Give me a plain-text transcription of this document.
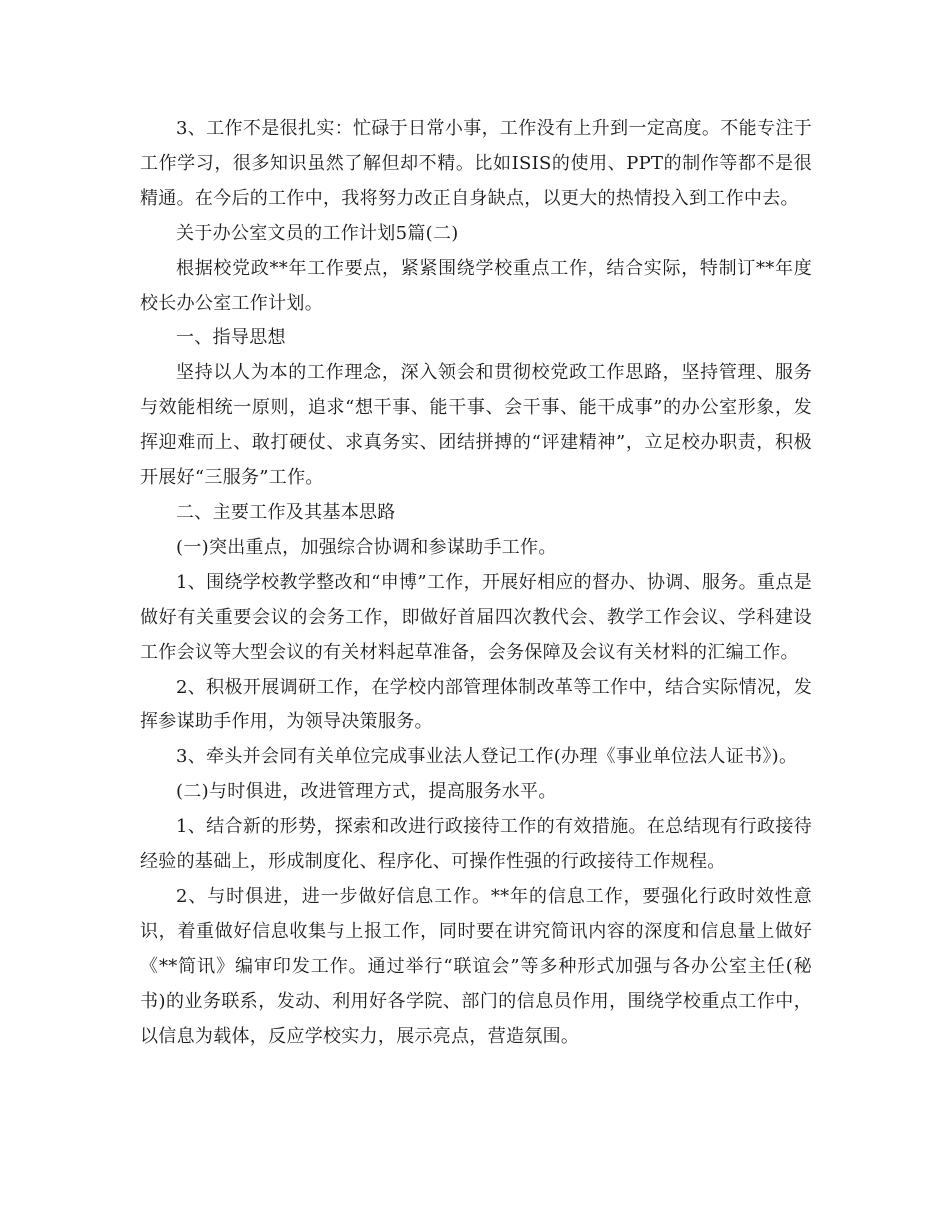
3、工作不是很扎实：忙碌于日常小事，工作没有上升到一定高度。不能专注于工作学习，很多知识虽然了解但却不精。比如ISIS的使用、PPT的制作等都不是很精通。在今后的工作中，我将努力改正自身缺点，以更大的热情投入到工作中去。

关于办公室文员的工作计划5篇(二)

根据校党政**年工作要点，紧紧围绕学校重点工作，结合实际，特制订**年度校长办公室工作计划。

一、指导思想

坚持以人为本的工作理念，深入领会和贯彻校党政工作思路，坚持管理、服务与效能相统一原则，追求“想干事、能干事、会干事、能干成事”的办公室形象，发挥迎难而上、敢打硬仗、求真务实、团结拼搏的“评建精神”，立足校办职责，积极开展好“三服务”工作。

二、主要工作及其基本思路

(一)突出重点，加强综合协调和参谋助手工作。

1、围绕学校教学整改和“申博”工作，开展好相应的督办、协调、服务。重点是做好有关重要会议的会务工作，即做好首届四次教代会、教学工作会议、学科建设工作会议等大型会议的有关材料起草准备，会务保障及会议有关材料的汇编工作。

2、积极开展调研工作，在学校内部管理体制改革等工作中，结合实际情况，发挥参谋助手作用，为领导决策服务。

3、牵头并会同有关单位完成事业法人登记工作(办理《事业单位法人证书》)。

(二)与时俱进，改进管理方式，提高服务水平。

1、结合新的形势，探索和改进行政接待工作的有效措施。在总结现有行政接待经验的基础上，形成制度化、程序化、可操作性强的行政接待工作规程。

2、与时俱进，进一步做好信息工作。**年的信息工作，要强化行政时效性意识，着重做好信息收集与上报工作，同时要在讲究简讯内容的深度和信息量上做好《**简讯》编审印发工作。通过举行“联谊会”等多种形式加强与各办公室主任(秘书)的业务联系，发动、利用好各学院、部门的信息员作用，围绕学校重点工作中，以信息为载体，反应学校实力，展示亮点，营造氛围。
